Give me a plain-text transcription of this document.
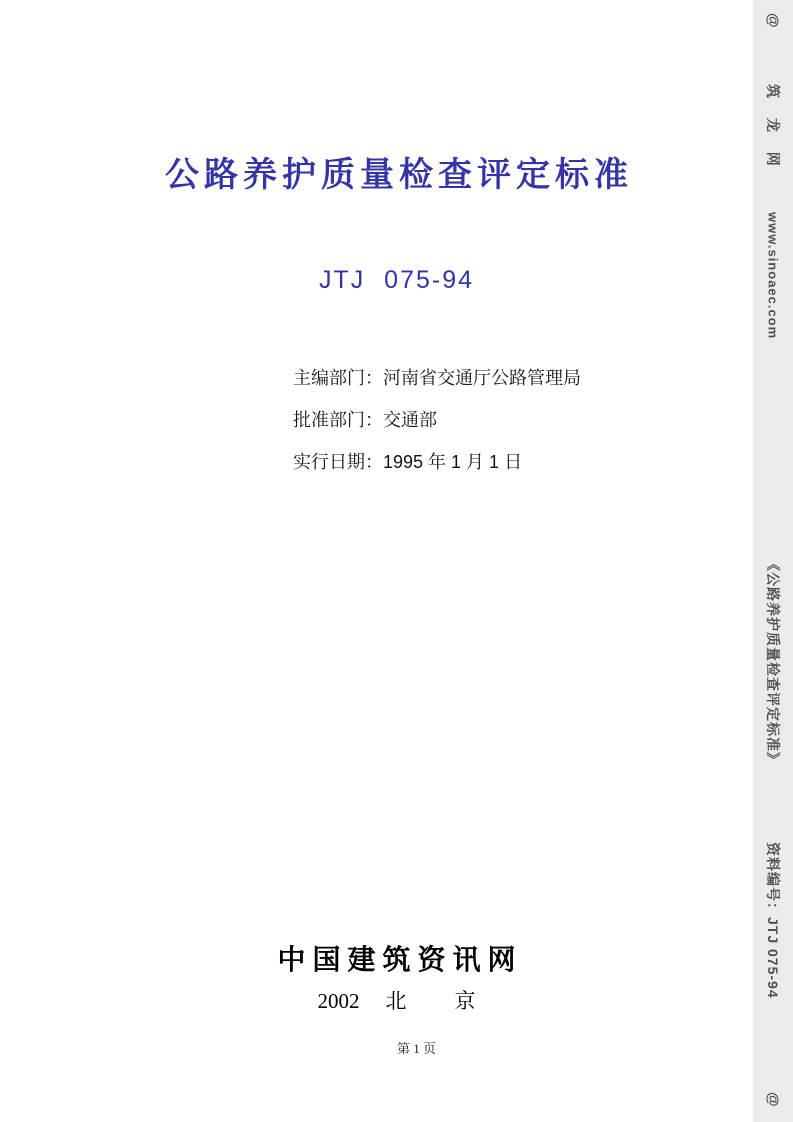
公路养护质量检查评定标准
JTJ 075-94
主编部门：河南省交通厅公路管理局
批准部门：交通部
实行日期：1995 年 1 月 1 日
中国建筑资讯网
2002 北 京
第 1 页
@
筑 龙 网
www.sinoaec.com
《公路养护质量检查评定标准》
资料编号：JTJ 075-94
@
